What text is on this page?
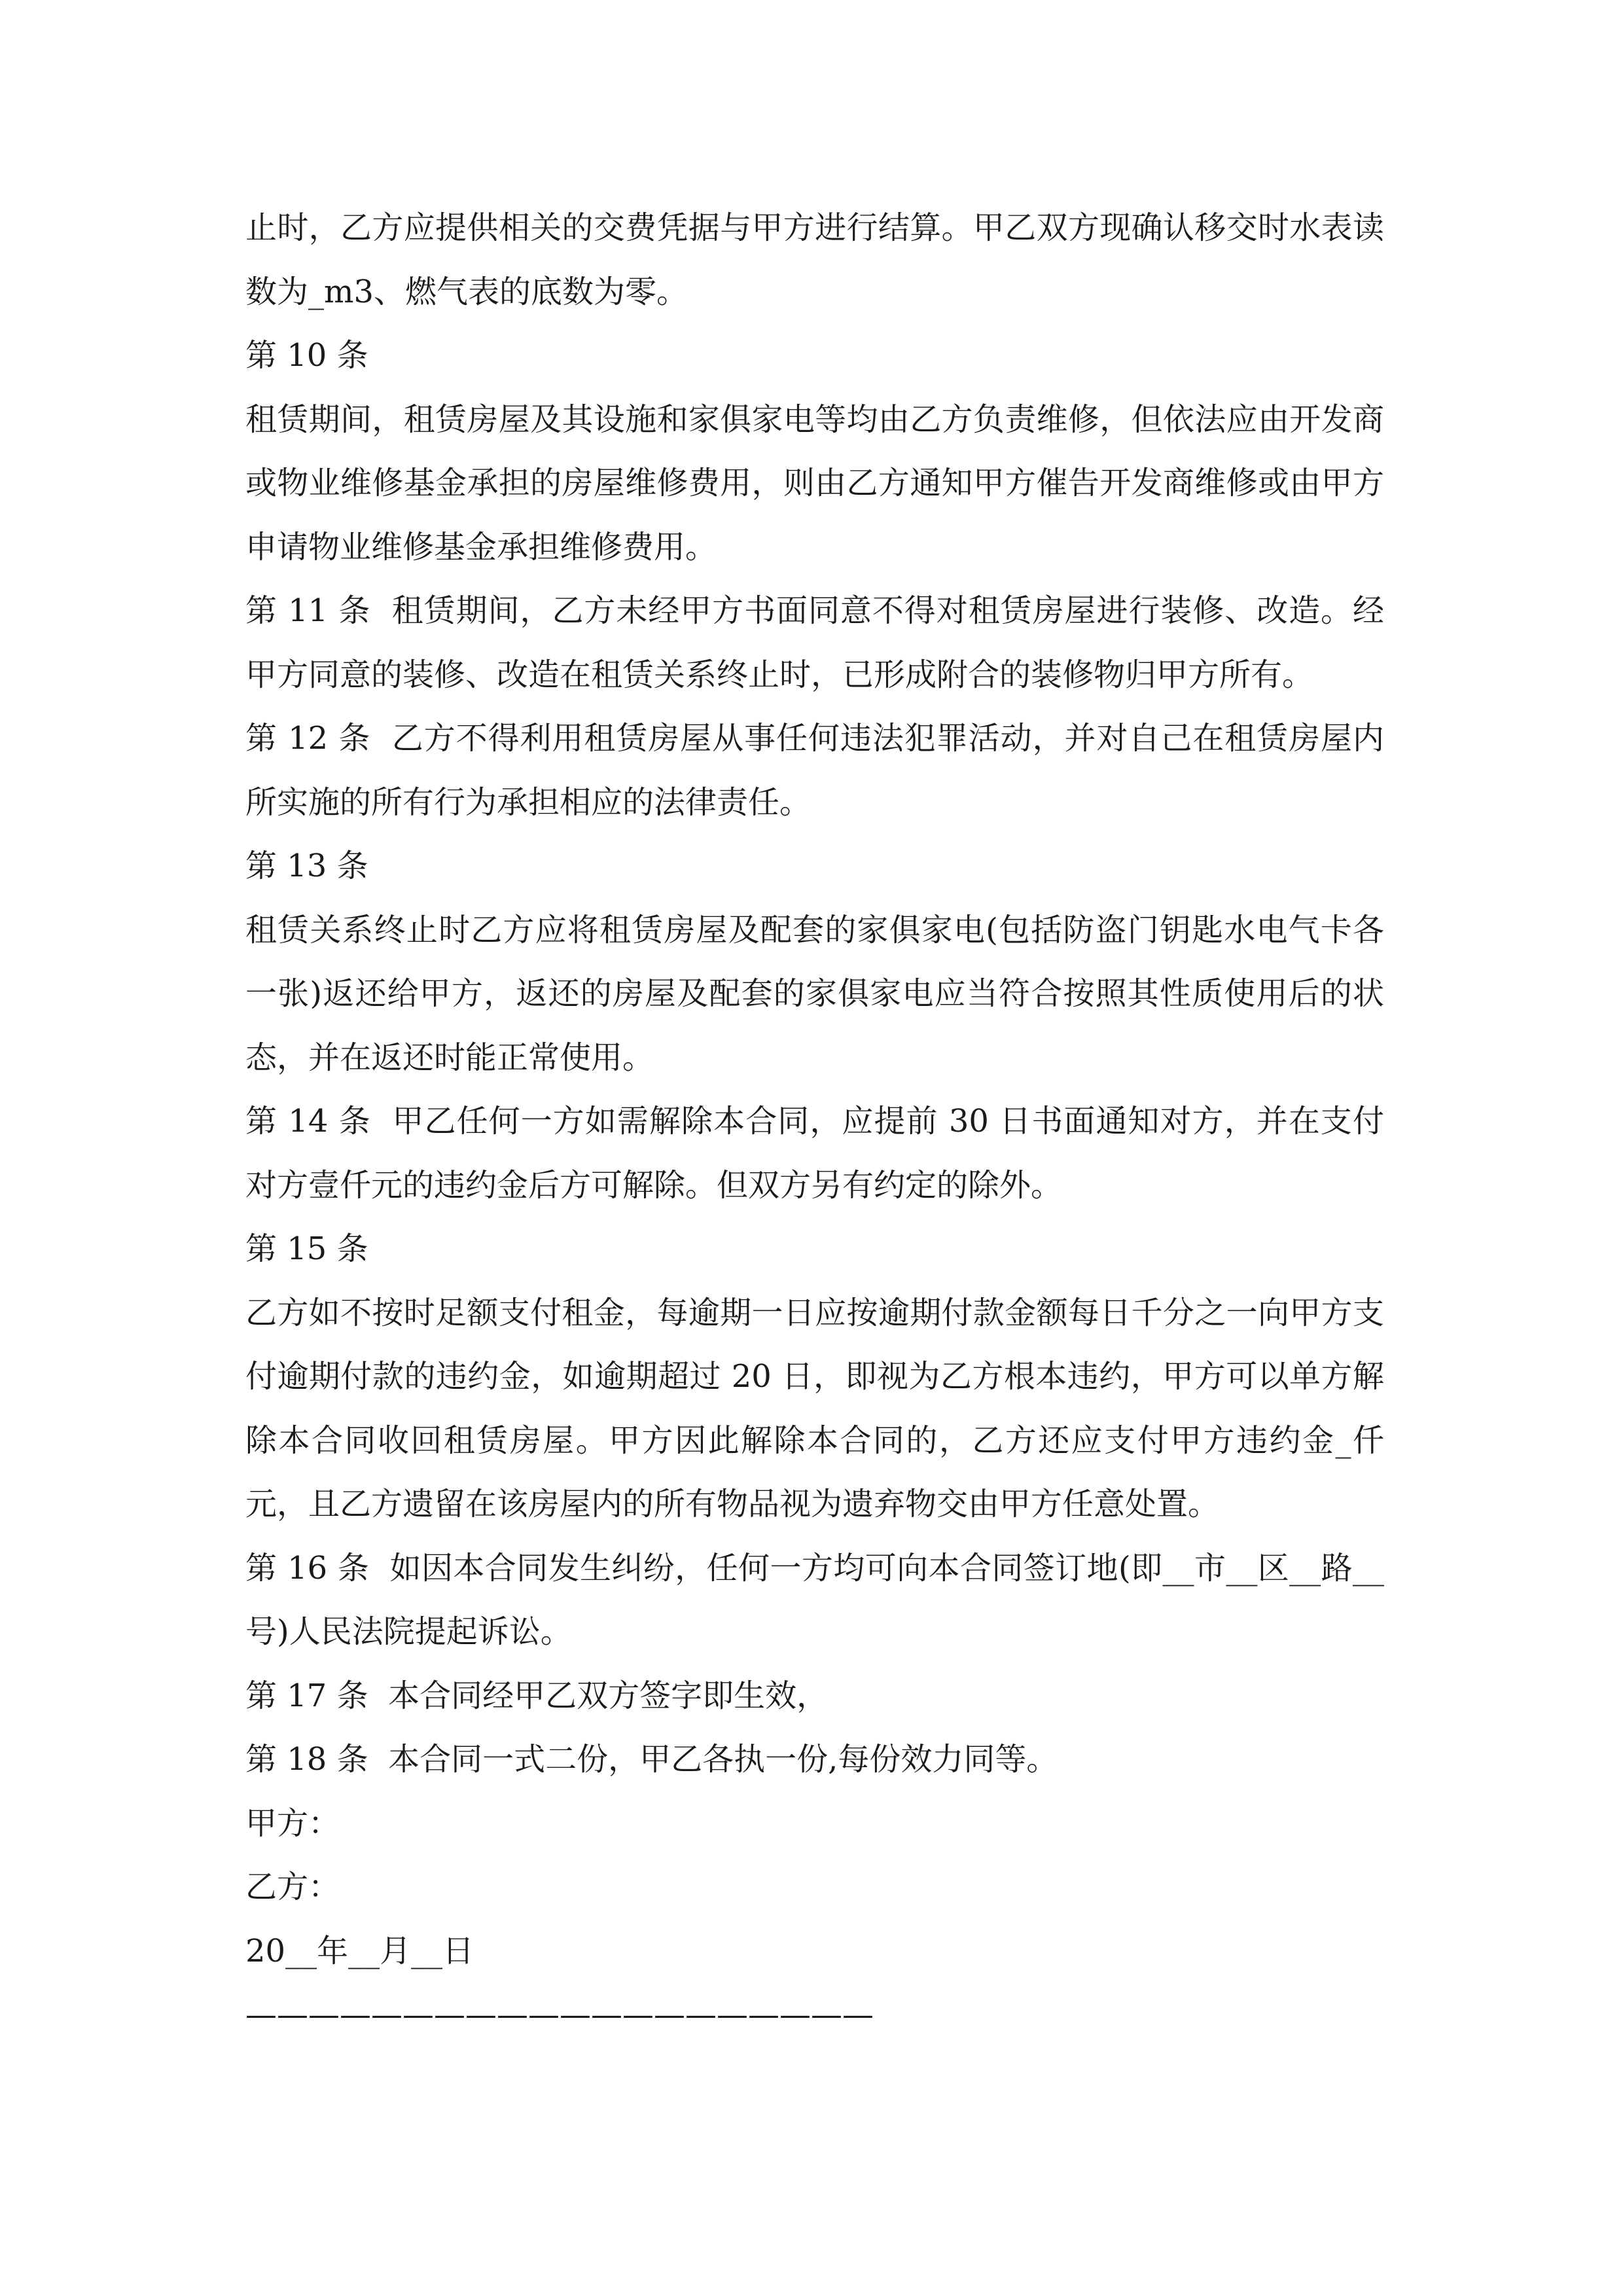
止时，乙方应提供相关的交费凭据与甲方进行结算。甲乙双方现确认移交时水表读数为_m3、燃气表的底数为零。

第 10 条

租赁期间，租赁房屋及其设施和家俱家电等均由乙方负责维修，但依法应由开发商或物业维修基金承担的房屋维修费用，则由乙方通知甲方催告开发商维修或由甲方申请物业维修基金承担维修费用。

第 11 条  租赁期间，乙方未经甲方书面同意不得对租赁房屋进行装修、改造。经甲方同意的装修、改造在租赁关系终止时，已形成附合的装修物归甲方所有。

第 12 条  乙方不得利用租赁房屋从事任何违法犯罪活动，并对自己在租赁房屋内所实施的所有行为承担相应的法律责任。

第 13 条

租赁关系终止时乙方应将租赁房屋及配套的家俱家电(包括防盗门钥匙水电气卡各一张)返还给甲方，返还的房屋及配套的家俱家电应当符合按照其性质使用后的状态，并在返还时能正常使用。

第 14 条  甲乙任何一方如需解除本合同，应提前 30 日书面通知对方，并在支付对方壹仟元的违约金后方可解除。但双方另有约定的除外。

第 15 条

乙方如不按时足额支付租金，每逾期一日应按逾期付款金额每日千分之一向甲方支付逾期付款的违约金，如逾期超过 20 日，即视为乙方根本违约，甲方可以单方解除本合同收回租赁房屋。甲方因此解除本合同的，乙方还应支付甲方违约金_仟元，且乙方遗留在该房屋内的所有物品视为遗弃物交由甲方任意处置。

第 16 条  如因本合同发生纠纷，任何一方均可向本合同签订地(即__市__区__路__号)人民法院提起诉讼。

第 17 条  本合同经甲乙双方签字即生效，

第 18 条  本合同一式二份，甲乙各执一份,每份效力同等。

甲方：

乙方：

20__年__月__日

————————————————————
